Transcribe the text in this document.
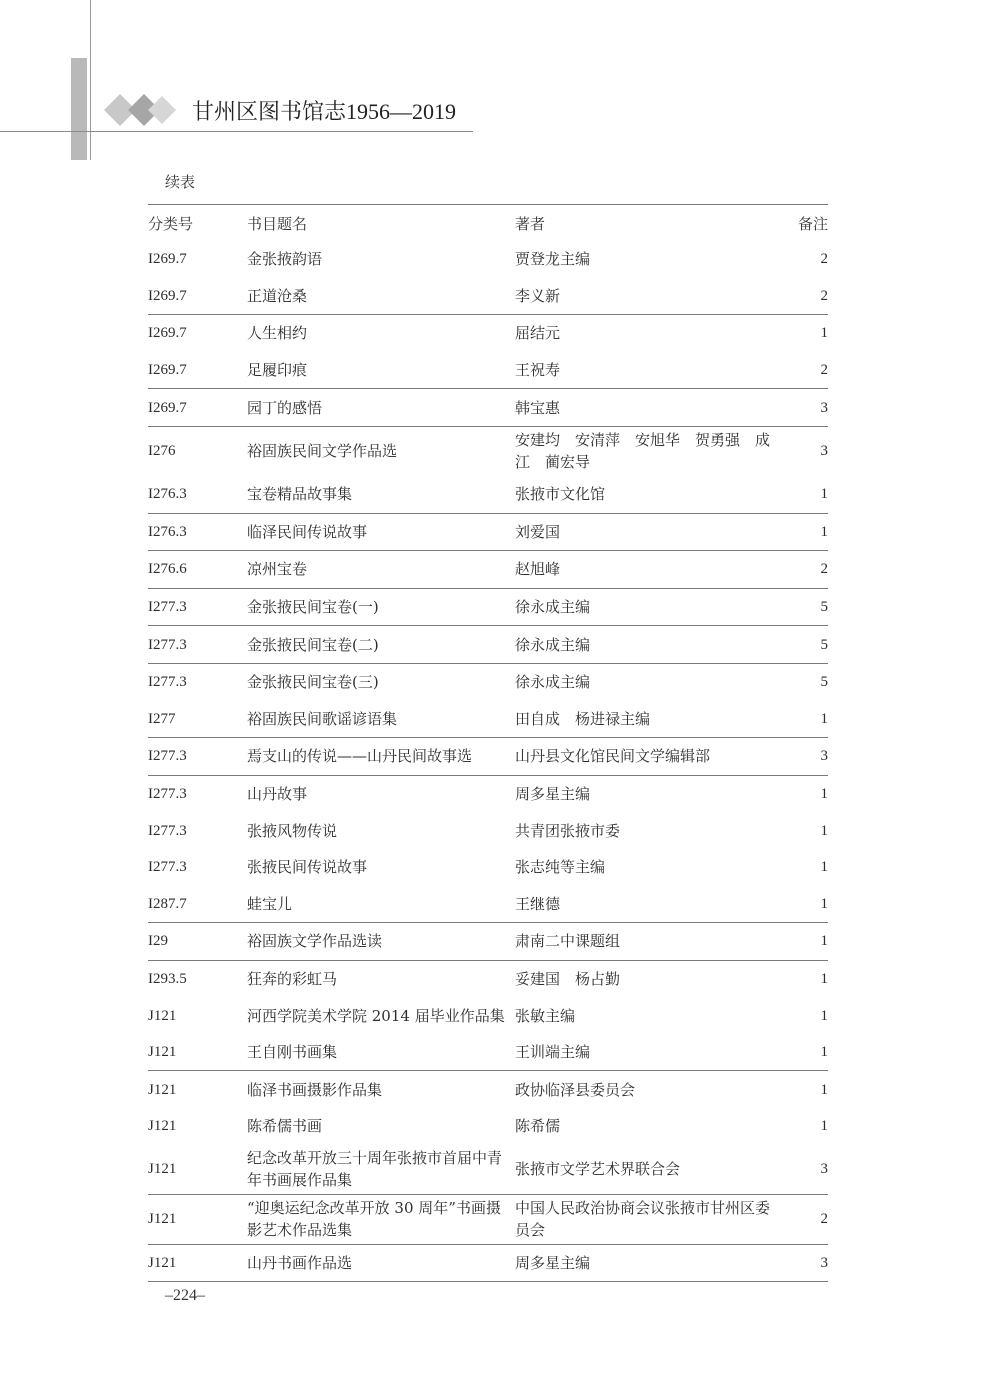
甘州区图书馆志1956—2019
续表
分类号	书目题名	著者	备注
I269.7	金张掖韵语	贾登龙主编	2
I269.7	正道沧桑	李义新	2
I269.7	人生相约	屈结元	1
I269.7	足履印痕	王祝寿	2
I269.7	园丁的感悟	韩宝惠	3
I276	裕固族民间文学作品选	安建均　安清萍　安旭华　贺勇强　成　江　蔺宏导	3
I276.3	宝卷精品故事集	张掖市文化馆	1
I276.3	临泽民间传说故事	刘爱国	1
I276.6	凉州宝卷	赵旭峰	2
I277.3	金张掖民间宝卷(一)	徐永成主编	5
I277.3	金张掖民间宝卷(二)	徐永成主编	5
I277.3	金张掖民间宝卷(三)	徐永成主编	5
I277	裕固族民间歌谣谚语集	田自成　杨进禄主编	1
I277.3	焉支山的传说——山丹民间故事选	山丹县文化馆民间文学编辑部	3
I277.3	山丹故事	周多星主编	1
I277.3	张掖风物传说	共青团张掖市委	1
I277.3	张掖民间传说故事	张志纯等主编	1
I287.7	蛙宝儿	王继德	1
I29	裕固族文学作品选读	肃南二中课题组	1
I293.5	狂奔的彩虹马	妥建国　杨占勤	1
J121	河西学院美术学院 2014 届毕业作品集	张敏主编	1
J121	王自刚书画集	王训端主编	1
J121	临泽书画摄影作品集	政协临泽县委员会	1
J121	陈希儒书画	陈希儒	1
J121	纪念改革开放三十周年张掖市首届中青年书画展作品集	张掖市文学艺术界联合会	3
J121	“迎奥运纪念改革开放 30 周年”书画摄影艺术作品选集	中国人民政治协商会议张掖市甘州区委员会	2
J121	山丹书画作品选	周多星主编	3
–224–
